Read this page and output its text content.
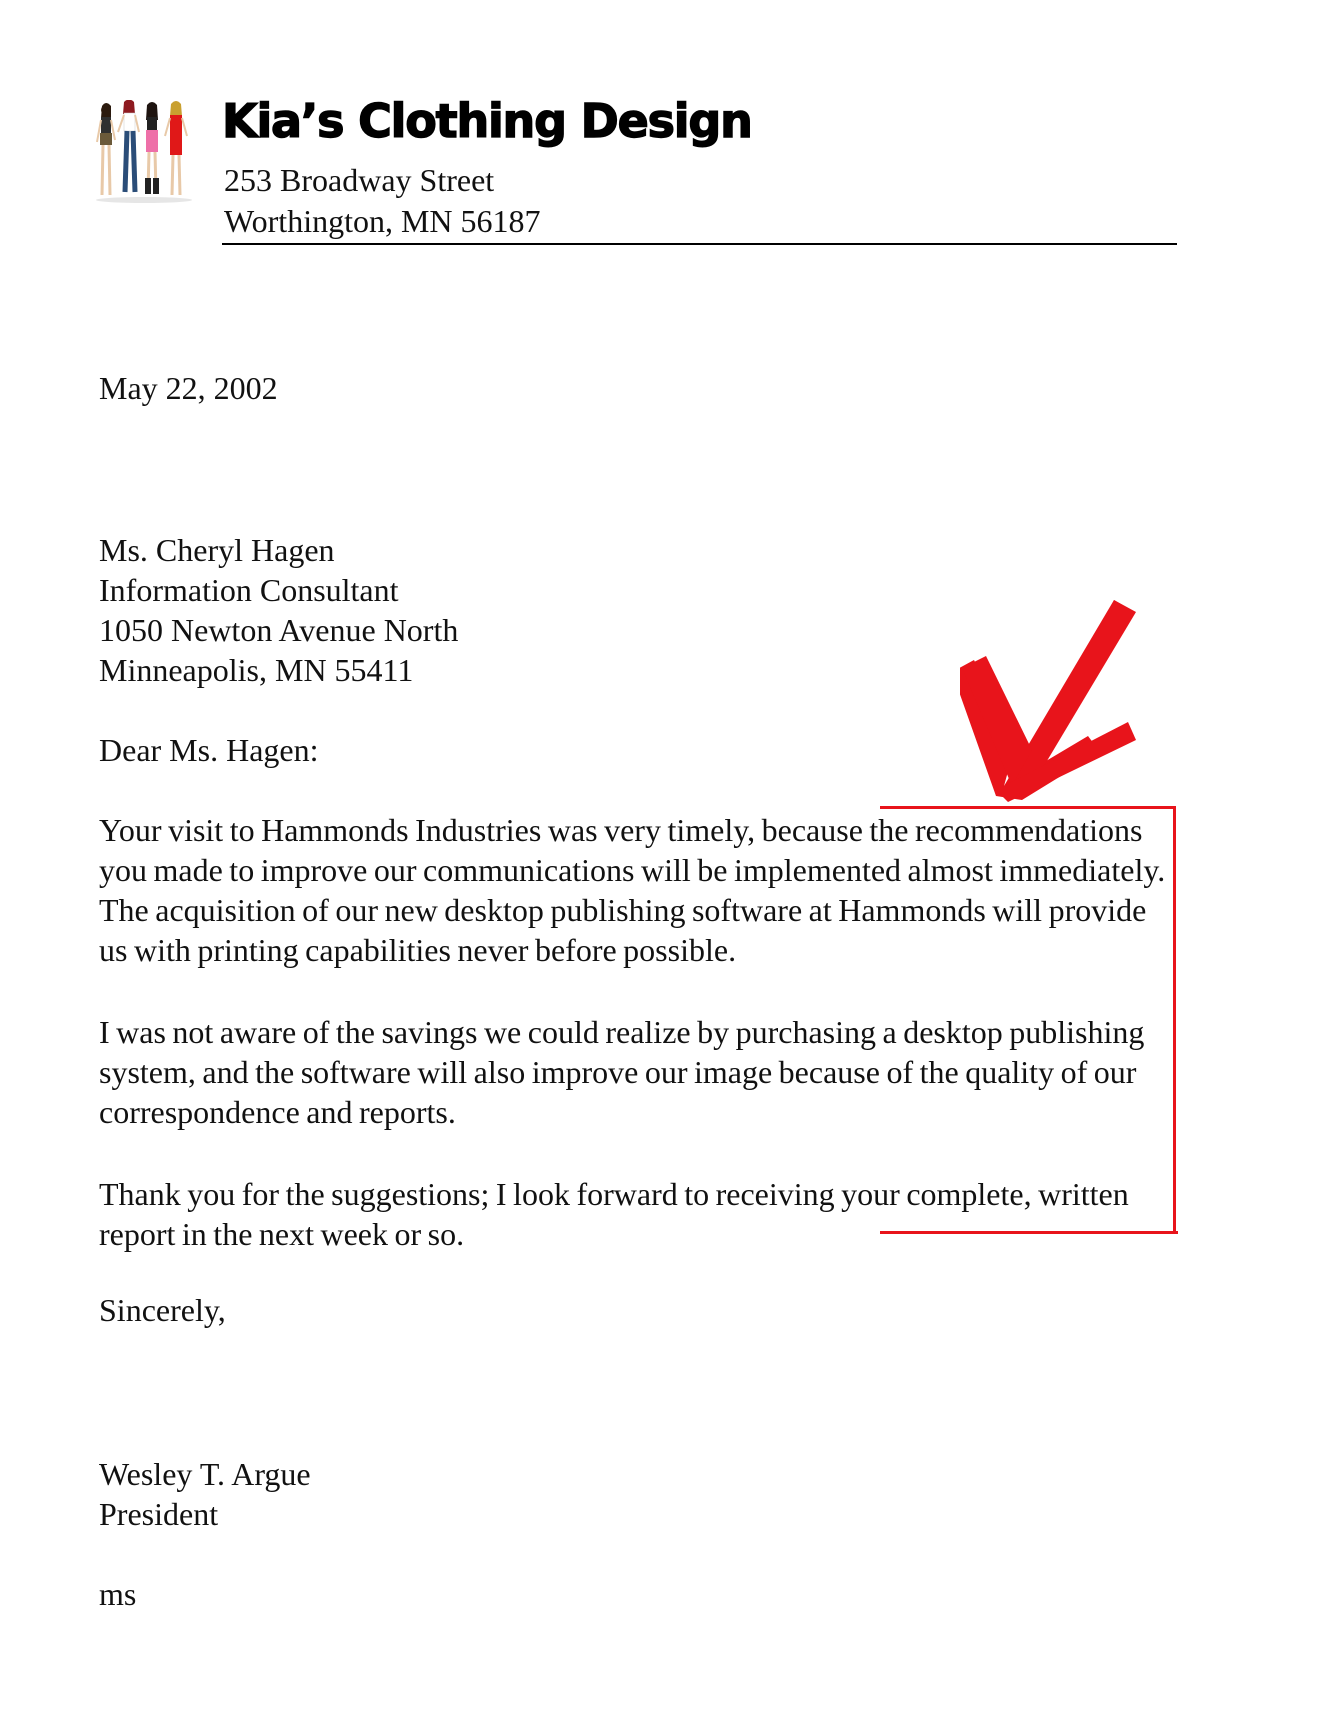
Kia’s Clothing Design
253 Broadway Street
Worthington, MN 56187
May 22, 2002
Ms. Cheryl Hagen
Information Consultant
1050 Newton Avenue North
Minneapolis, MN 55411
Dear Ms. Hagen:

Your visit to Hammonds Industries was very timely, because the recommendations you made to improve our communications will be implemented almost immediately. The acquisition of our new desktop publishing software at Hammonds will provide us with printing capabilities never before possible.

I was not aware of the savings we could realize by purchasing a desktop publishing system, and the software will also improve our image because of the quality of our correspondence and reports.

Thank you for the suggestions; I look forward to receiving your complete, written report in the next week or so.

Sincerely,
Wesley T. Argue
President
ms
